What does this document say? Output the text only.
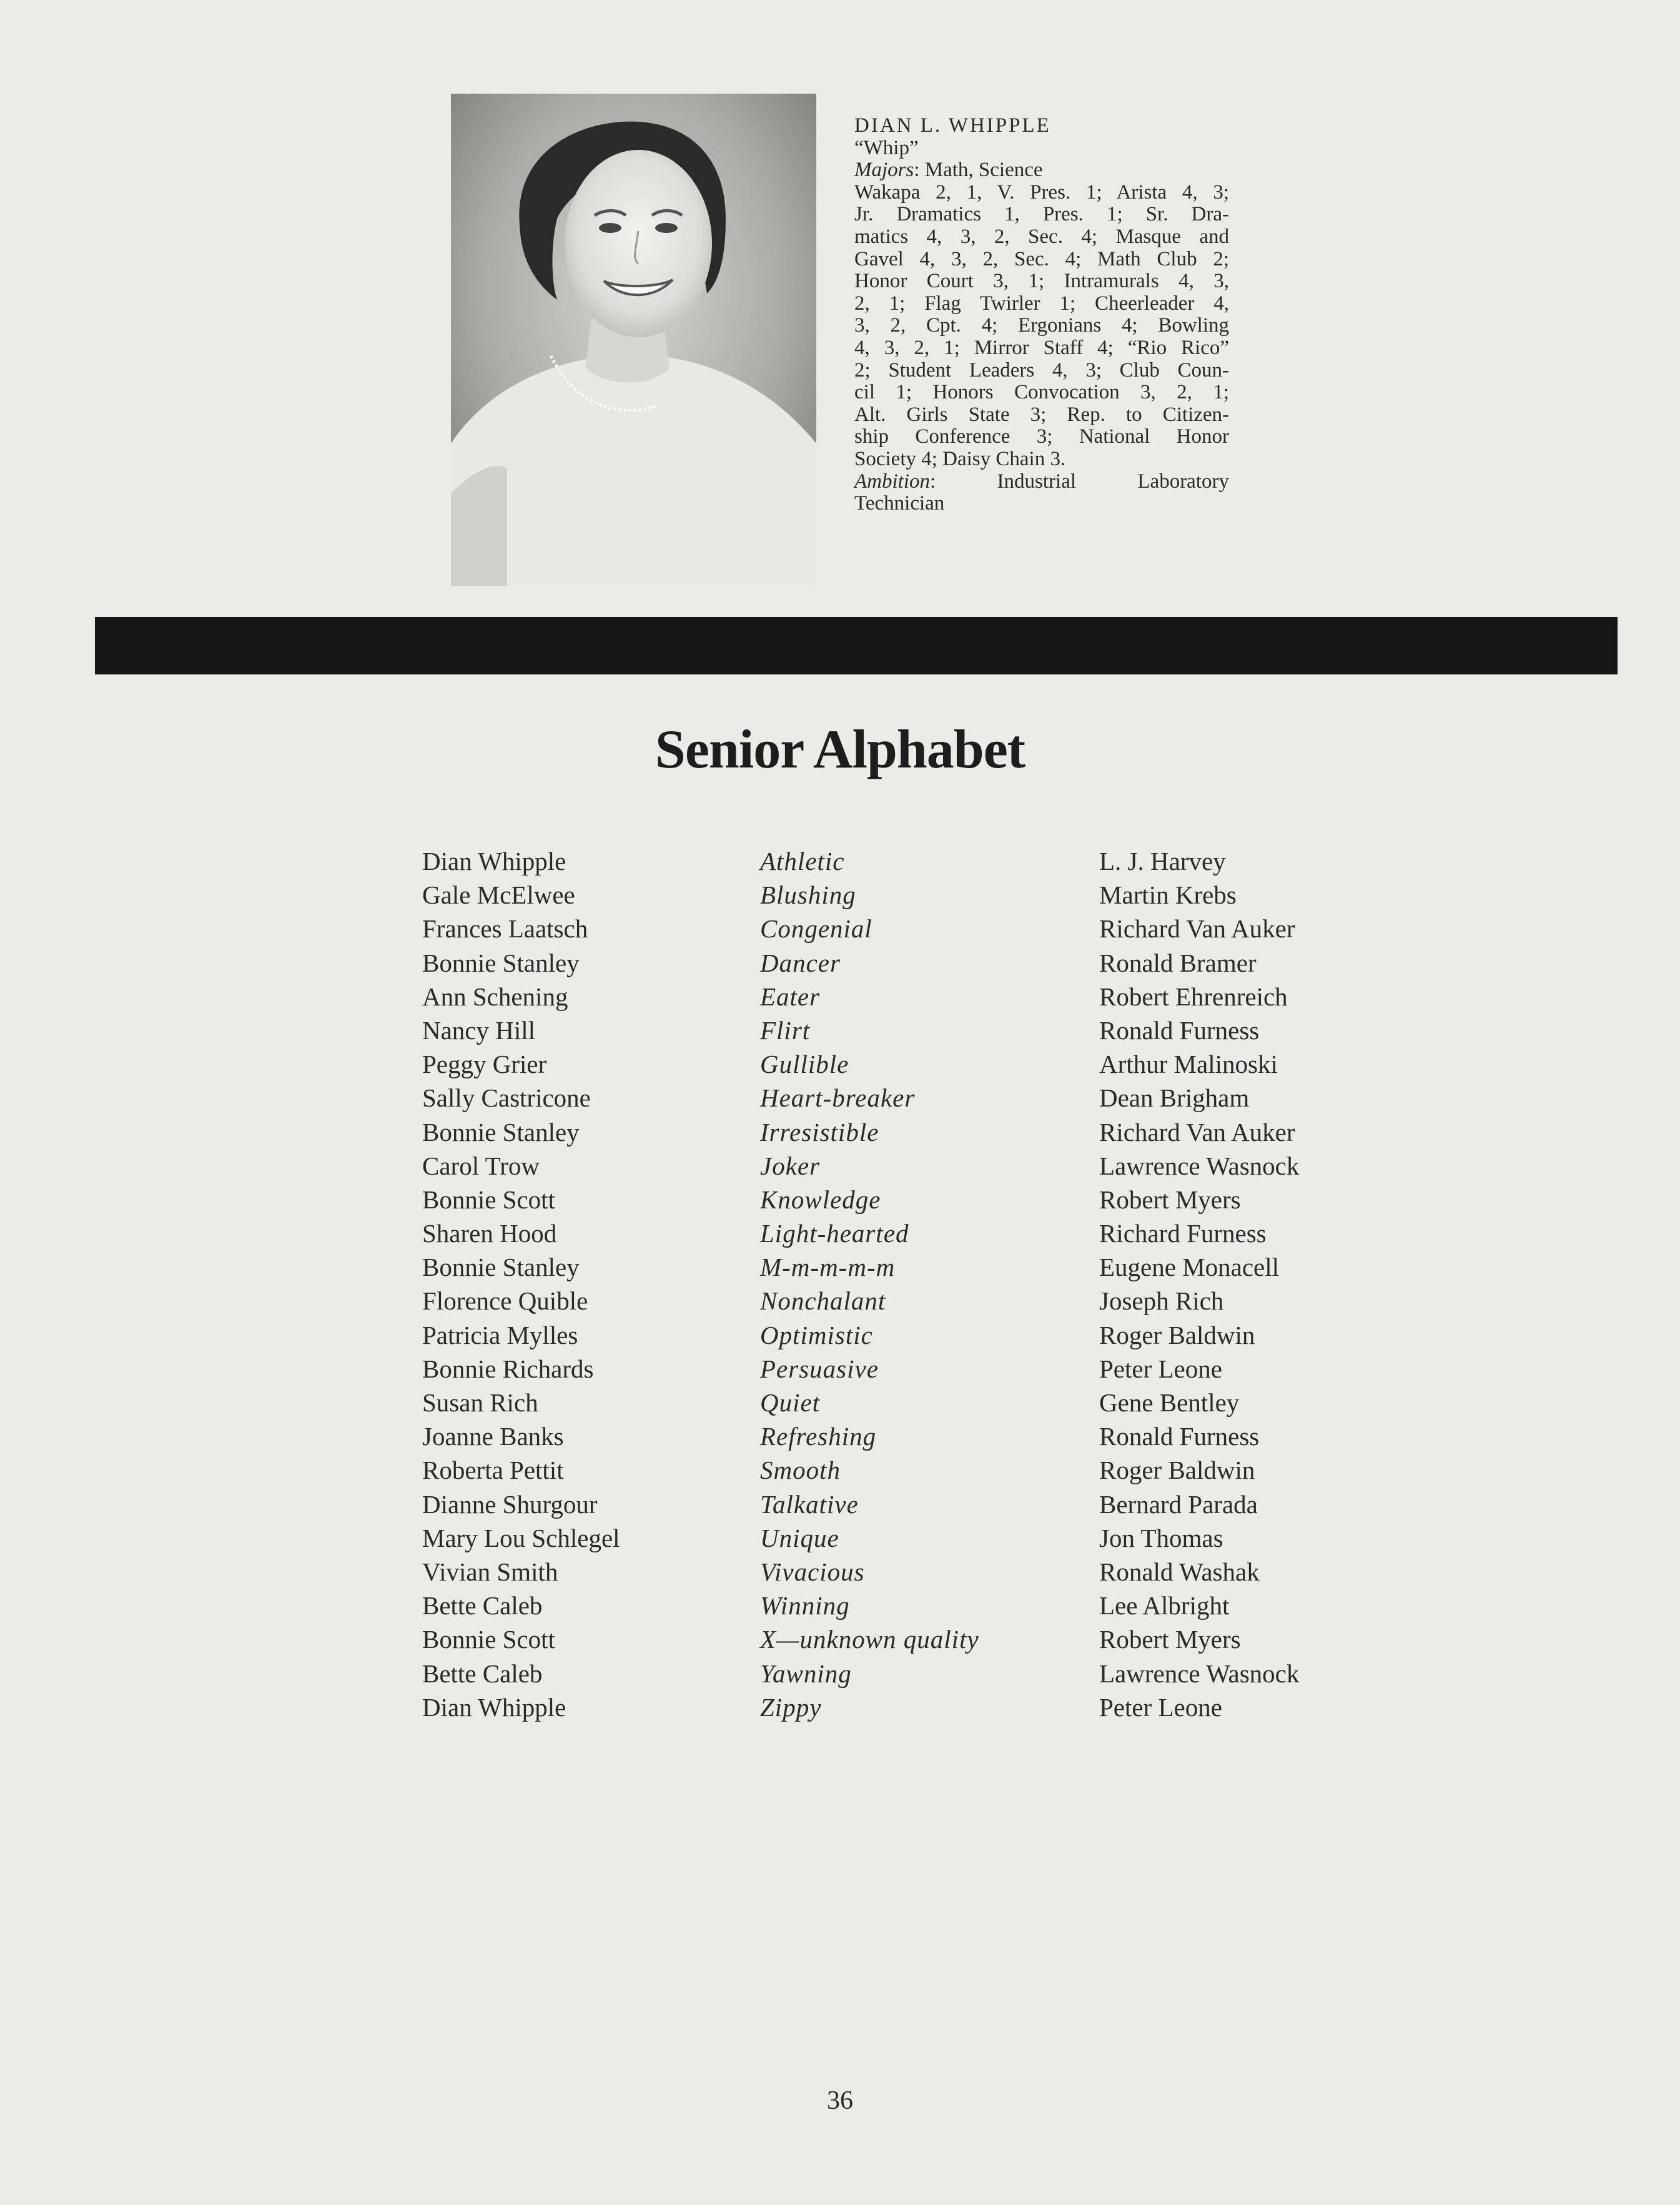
DIAN L. WHIPPLE
“Whip”
Majors: Math, Science
Wakapa 2, 1, V. Pres. 1; Arista 4, 3;
Jr. Dramatics 1, Pres. 1; Sr. Dra-
matics 4, 3, 2, Sec. 4; Masque and
Gavel 4, 3, 2, Sec. 4; Math Club 2;
Honor Court 3, 1; Intramurals 4, 3,
2, 1; Flag Twirler 1; Cheerleader 4,
3, 2, Cpt. 4; Ergonians 4; Bowling
4, 3, 2, 1; Mirror Staff 4; “Rio Rico”
2; Student Leaders 4, 3; Club Coun-
cil 1; Honors Convocation 3, 2, 1;
Alt. Girls State 3; Rep. to Citizen-
ship Conference 3; National Honor
Society 4; Daisy Chain 3.
Ambition: Industrial Laboratory
Technician
Senior Alphabet
Dian Whipple
Gale McElwee
Frances Laatsch
Bonnie Stanley
Ann Schening
Nancy Hill
Peggy Grier
Sally Castricone
Bonnie Stanley
Carol Trow
Bonnie Scott
Sharen Hood
Bonnie Stanley
Florence Quible
Patricia Myllеs
Bonnie Richards
Susan Rich
Joanne Banks
Roberta Pettit
Dianne Shurgour
Mary Lou Schlegel
Vivian Smith
Bette Caleb
Bonnie Scott
Bette Caleb
Dian Whipple
Athletic
Blushing
Congenial
Dancer
Eater
Flirt
Gullible
Heart-breaker
Irresistible
Joker
Knowledge
Light-hearted
M-m-m-m-m
Nonchalant
Optimistic
Persuasive
Quiet
Refreshing
Smooth
Talkative
Unique
Vivacious
Winning
X—unknown quality
Yawning
Zippy
L. J. Harvey
Martin Krebs
Richard Van Auker
Ronald Bramer
Robert Ehrenreich
Ronald Furness
Arthur Malinoski
Dean Brigham
Richard Van Auker
Lawrence Wasnock
Robert Myers
Richard Furness
Eugene Monacell
Joseph Rich
Roger Baldwin
Peter Leone
Gene Bentley
Ronald Furness
Roger Baldwin
Bernard Parada
Jon Thomas
Ronald Washak
Lee Albright
Robert Myers
Lawrence Wasnock
Peter Leone
36
